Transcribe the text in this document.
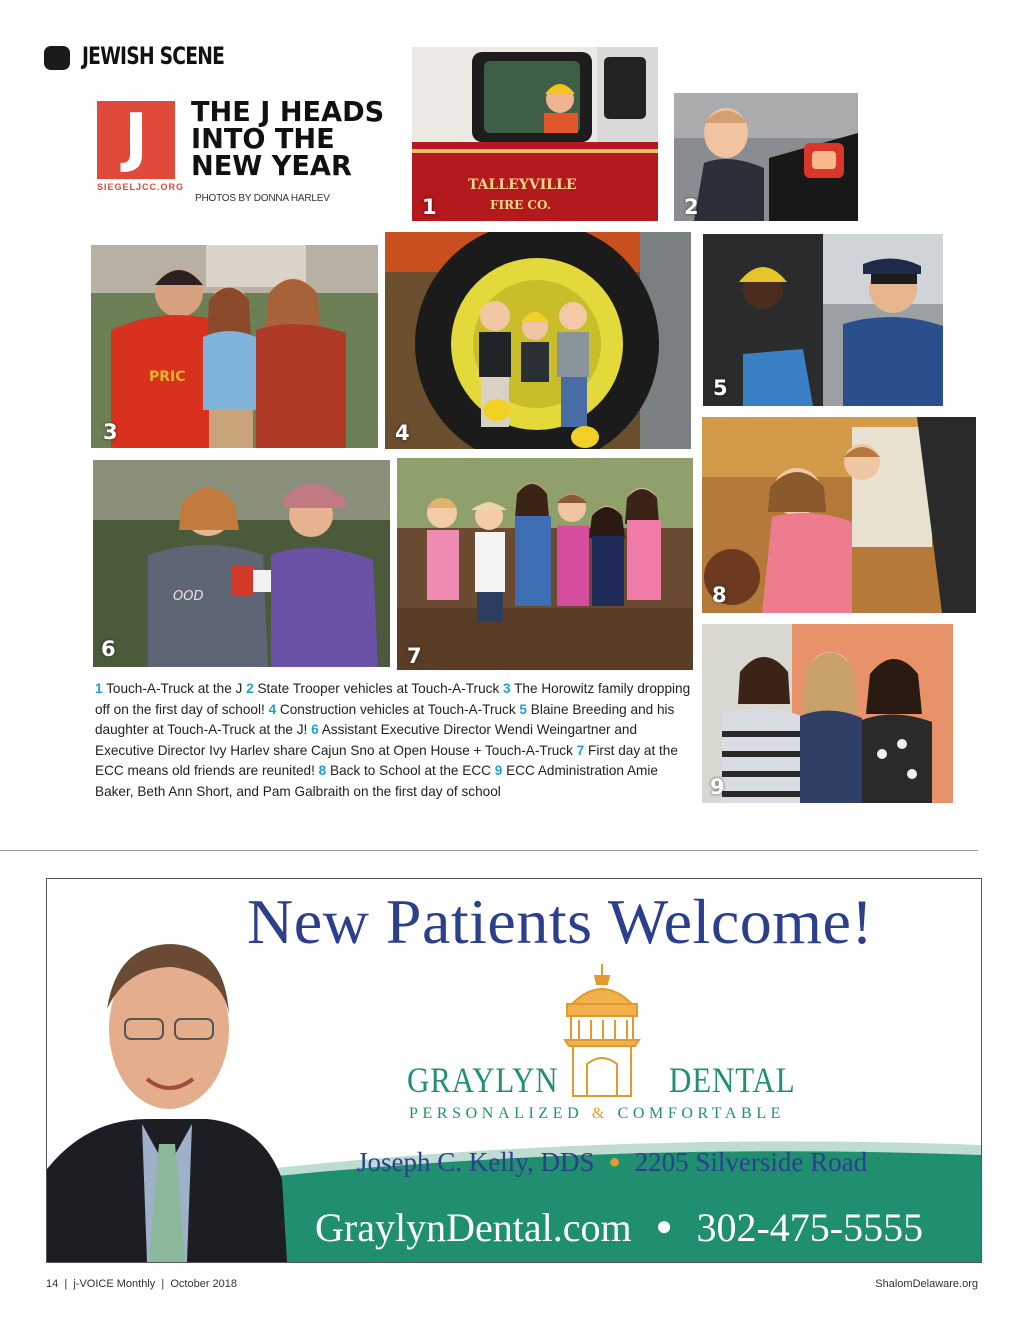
JEWISH SCENE
J
SIEGELJCC.ORG
THE J HEADS
INTO THE
NEW YEAR
PHOTOS BY DONNA HARLEV
TALLEYVILLE
FIRE CO.
1	2
PRIC
3	4
5
OOD
6	7
8
9
1 Touch-A-Truck at the J 2 State Trooper vehicles at Touch-A-Truck 3 The Horowitz family dropping off on the first day of school! 4 Construction vehicles at Touch-A-Truck 5 Blaine Breeding and his daughter at Touch-A-Truck at the J! 6 Assistant Executive Director Wendi Weingartner and Executive Director Ivy Harlev share Cajun Sno at Open House + Touch-A-Truck 7 First day at the ECC means old friends are reunited! 8 Back to School at the ECC 9 ECC Administration Amie Baker, Beth Ann Short, and Pam Galbraith on the first day of school
New Patients Welcome!
GRAYLYN	DENTAL
PERSONALIZED & COMFORTABLE
Joseph C. Kelly, DDS ● 2205 Silverside Road
GraylynDental.com ● 302-475-5555
14  |  j-VOICE Monthly  |  October 2018	ShalomDelaware.org
